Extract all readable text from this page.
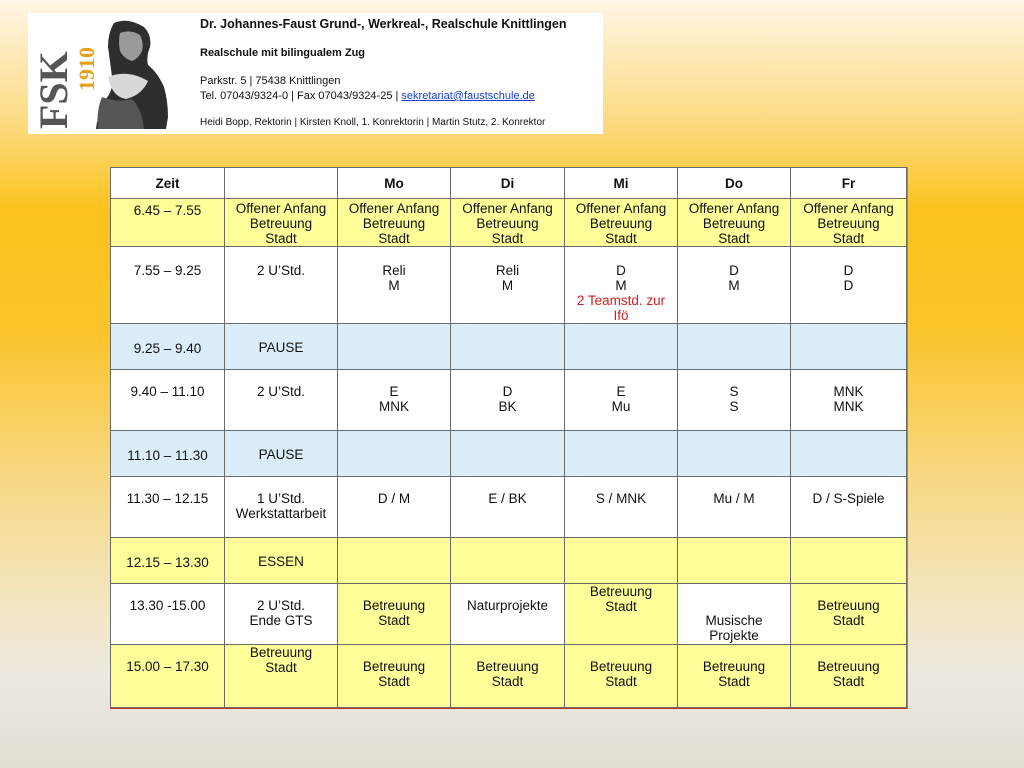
FSK
1910
Dr. Johannes-Faust Grund-, Werkreal-, Realschule Knittlingen
Realschule mit bilingualem Zug
Parkstr. 5 | 75438 Knittlingen
Tel. 07043/9324-0 | Fax 07043/9324-25 | sekretariat@faustschule.de
Heidi Bopp, Rektorin | Kirsten Knoll, 1. Konrektorin | Martin Stutz, 2. Konrektor
Zeit		Mo	Di	Mi	Do	Fr
6.45 – 7.55	Offener Anfang
Betreuung
Stadt	Offener Anfang
Betreuung
Stadt	Offener Anfang
Betreuung
Stadt	Offener Anfang
Betreuung
Stadt	Offener Anfang
Betreuung
Stadt	Offener Anfang
Betreuung
Stadt

7.55 – 9.25	2 U’Std.	Reli
M	Reli
M	D
M
2 Teamstd. zur
Ifö	D
M	D
D

9.25 – 9.40	PAUSE					
9.40 – 11.10	2 U’Std.	E
MNK	D
BK	E
Mu	S
S	MNK
MNK

11.10 – 11.30	PAUSE					
11.30 – 12.15	1 U’Std.
Werkstattarbeit	D / M	E / BK	S / MNK	Mu / M	D / S-Spiele
12.15 – 13.30	ESSEN					
13.30 -15.00	2 U’Std.
Ende GTS	Betreuung
Stadt	Naturprojekte	Betreuung
Stadt	Musische
Projekte	Betreuung
Stadt

15.00 – 17.30	Betreuung
Stadt	Betreuung
Stadt	Betreuung
Stadt	Betreuung
Stadt	Betreuung
Stadt	Betreuung
Stadt
